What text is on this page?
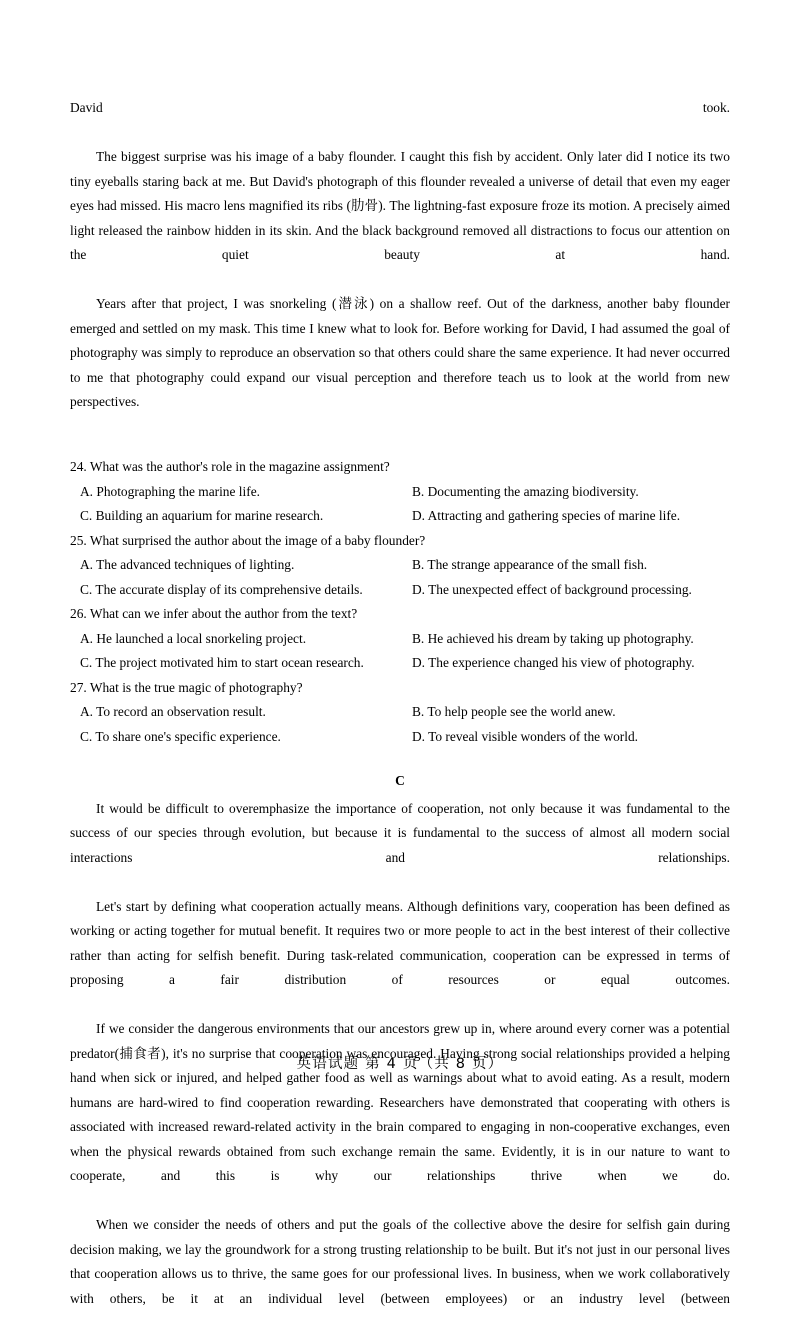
David took.

The biggest surprise was his image of a baby flounder. I caught this fish by accident. Only later did I notice its two tiny eyeballs staring back at me. But David's photograph of this flounder revealed a universe of detail that even my eager eyes had missed. His macro lens magnified its ribs (肋骨). The lightning-fast exposure froze its motion. A precisely aimed light released the rainbow hidden in its skin. And the black background removed all distractions to focus our attention on the quiet beauty at hand.

Years after that project, I was snorkeling (潜泳) on a shallow reef. Out of the darkness, another baby flounder emerged and settled on my mask. This time I knew what to look for. Before working for David, I had assumed the goal of photography was simply to reproduce an observation so that others could share the same experience. It had never occurred to me that photography could expand our visual perception and therefore teach us to look at the world from new perspectives.

24. What was the author's role in the magazine assignment?
A. Photographing the marine life.	B. Documenting the amazing biodiversity.
C. Building an aquarium for marine research.	D. Attracting and gathering species of marine life.
25. What surprised the author about the image of a baby flounder?
A. The advanced techniques of lighting.	B. The strange appearance of the small fish.
C. The accurate display of its comprehensive details.	D. The unexpected effect of background processing.
26. What can we infer about the author from the text?
A. He launched a local snorkeling project.	B. He achieved his dream by taking up photography.
C. The project motivated him to start ocean research.	D. The experience changed his view of photography.
27. What is the true magic of photography?
A. To record an observation result.	B. To help people see the world anew.
C. To share one's specific experience.	D. To reveal visible wonders of the world.
C

It would be difficult to overemphasize the importance of cooperation, not only because it was fundamental to the success of our species through evolution, but because it is fundamental to the success of almost all modern social interactions and relationships.

Let's start by defining what cooperation actually means. Although definitions vary, cooperation has been defined as working or acting together for mutual benefit. It requires two or more people to act in the best interest of their collective rather than acting for selfish benefit. During task-related communication, cooperation can be expressed in terms of proposing a fair distribution of resources or equal outcomes.

If we consider the dangerous environments that our ancestors grew up in, where around every corner was a potential predator(捕食者), it's no surprise that cooperation was encouraged. Having strong social relationships provided a helping hand when sick or injured, and helped gather food as well as warnings about what to avoid eating. As a result, modern humans are hard-wired to find cooperation rewarding. Researchers have demonstrated that cooperating with others is associated with increased reward-related activity in the brain compared to engaging in non-cooperative exchanges, even when the physical rewards obtained from such exchange remain the same. Evidently, it is in our nature to want to cooperate, and this is why our relationships thrive when we do.

When we consider the needs of others and put the goals of the collective above the desire for selfish gain during decision making, we lay the groundwork for a strong trusting relationship to be built. But it's not just in our personal lives that cooperation allows us to thrive, the same goes for our professional lives. In business, when we work collaboratively with others, be it at an individual level (between employees) or an industry level (between

英语试题 第 4 页（共 8 页）
